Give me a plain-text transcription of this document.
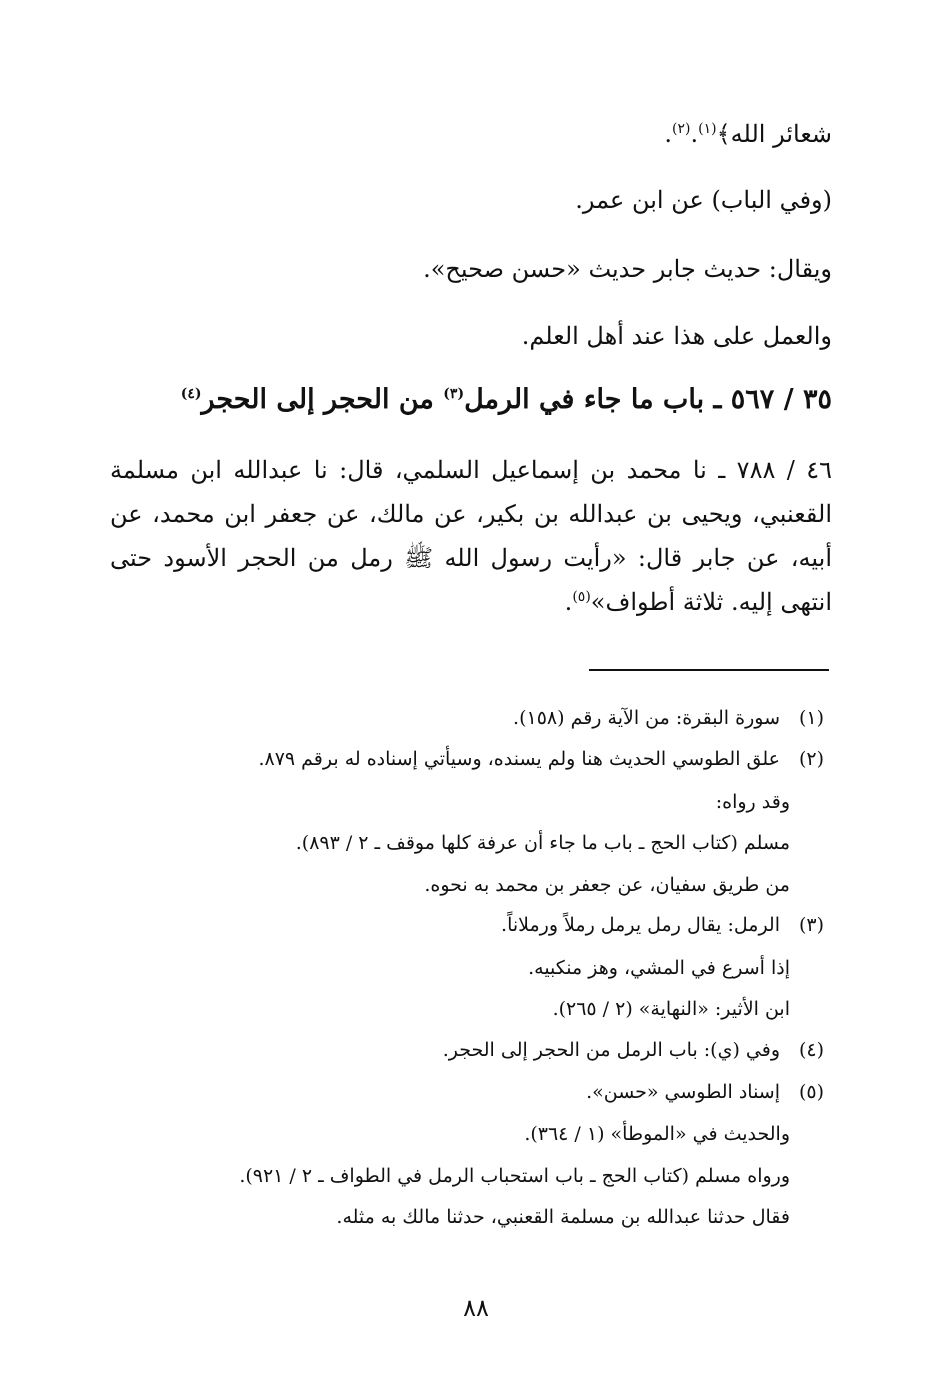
شعائر الله﴾$^{(١)}$.$^{(٢)}$.
(وفي الباب) عن ابن عمر.
ويقال: حديث جابر حديث «حسن صحيح».
والعمل على هذا عند أهل العلم.
٣٥ / ٥٦٧ ـ باب ما جاء في الرمل$^{(٣)}$ من الحجر إلى الحجر$^{(٤)}$
٤٦ / ٧٨٨ ـ نا محمد بن إسماعيل السلمي، قال: نا عبدالله ابن مسلمة القعنبي، ويحيى بن عبدالله بن بكير، عن مالك، عن جعفر ابن محمد، عن أبيه، عن جابر قال: «رأيت رسول الله ﷺ رمل من الحجر الأسود حتى انتهى إليه. ثلاثة أطواف»$^{(٥)}$.
(١)سورة البقرة: من الآية رقم (١٥٨).
(٢)علق الطوسي الحديث هنا ولم يسنده، وسيأتي إسناده له برقم ٨٧٩.
وقد رواه:
مسلم (كتاب الحج ـ باب ما جاء أن عرفة كلها موقف ـ ٢ / ٨٩٣).
من طريق سفيان، عن جعفر بن محمد به نحوه.
(٣)الرمل: يقال رمل يرمل رملاً ورملاناً.
إذا أسرع في المشي، وهز منكبيه.
ابن الأثير: «النهاية» (٢ / ٢٦٥).
(٤)وفي (ي): باب الرمل من الحجر إلى الحجر.
(٥)إسناد الطوسي «حسن».
والحديث في «الموطأ» (١ / ٣٦٤).
ورواه مسلم (كتاب الحج ـ باب استحباب الرمل في الطواف ـ ٢ / ٩٢١).
فقال حدثنا عبدالله بن مسلمة القعنبي، حدثنا مالك به مثله.
٨٨
